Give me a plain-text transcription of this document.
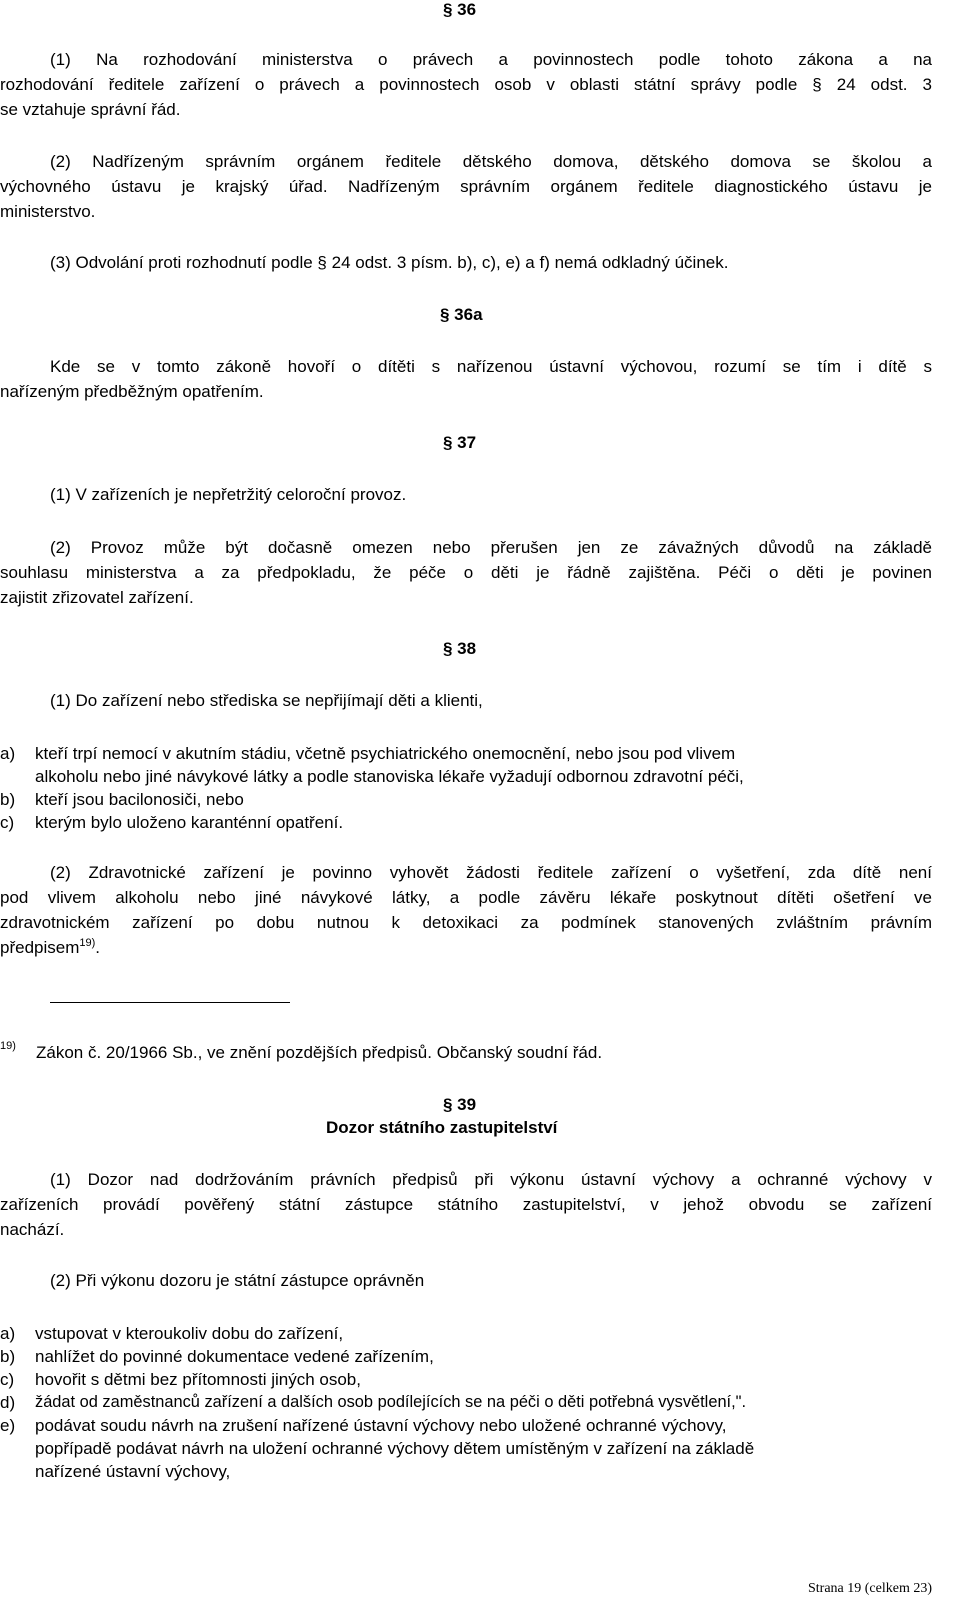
§ 36
(1) Na rozhodování ministerstva o právech a povinnostech podle tohoto zákona a na
rozhodování ředitele zařízení o právech a povinnostech osob v oblasti státní správy podle § 24 odst. 3
se vztahuje správní řád.
(2) Nadřízeným správním orgánem ředitele dětského domova, dětského domova se školou a
výchovného ústavu je krajský úřad. Nadřízeným správním orgánem ředitele diagnostického ústavu je
ministerstvo.
(3) Odvolání proti rozhodnutí podle § 24 odst. 3 písm. b), c), e) a f) nemá odkladný účinek.
§ 36a
Kde se v tomto zákoně hovoří o dítěti s nařízenou ústavní výchovou, rozumí se tím i dítě s
nařízeným předběžným opatřením.
§ 37
(1) V zařízeních je nepřetržitý celoroční provoz.
(2) Provoz může být dočasně omezen nebo přerušen jen ze závažných důvodů na základě
souhlasu ministerstva a za předpokladu, že péče o děti je řádně zajištěna. Péči o děti je povinen
zajistit zřizovatel zařízení.
§ 38
(1) Do zařízení nebo střediska se nepřijímají děti a klienti,
a) kteří trpí nemocí v akutním stádiu, včetně psychiatrického onemocnění, nebo jsou pod vlivem
alkoholu nebo jiné návykové látky a podle stanoviska lékaře vyžadují odbornou zdravotní péči,
b) kteří jsou bacilonosiči, nebo
c) kterým bylo uloženo karanténní opatření.
(2) Zdravotnické zařízení je povinno vyhovět žádosti ředitele zařízení o vyšetření, zda dítě není
pod vlivem alkoholu nebo jiné návykové látky, a podle závěru lékaře poskytnout dítěti ošetření ve
zdravotnickém zařízení po dobu nutnou k detoxikaci za podmínek stanovených zvláštním právním
předpisem$^{19)}$.
19) Zákon č. 20/1966 Sb., ve znění pozdějších předpisů. Občanský soudní řád.
§ 39
Dozor státního zastupitelství
(1) Dozor nad dodržováním právních předpisů při výkonu ústavní výchovy a ochranné výchovy v
zařízeních provádí pověřený státní zástupce státního zastupitelství, v jehož obvodu se zařízení
nachází.
(2) Při výkonu dozoru je státní zástupce oprávněn
a) vstupovat v kteroukoliv dobu do zařízení,
b) nahlížet do povinné dokumentace vedené zařízením,
c) hovořit s dětmi bez přítomnosti jiných osob,
d) žádat od zaměstnanců zařízení a dalších osob podílejících se na péči o děti potřebná vysvětlení,".
e) podávat soudu návrh na zrušení nařízené ústavní výchovy nebo uložené ochranné výchovy,
popřípadě podávat návrh na uložení ochranné výchovy dětem umístěným v zařízení na základě
nařízené ústavní výchovy,
Strana 19 (celkem 23)
